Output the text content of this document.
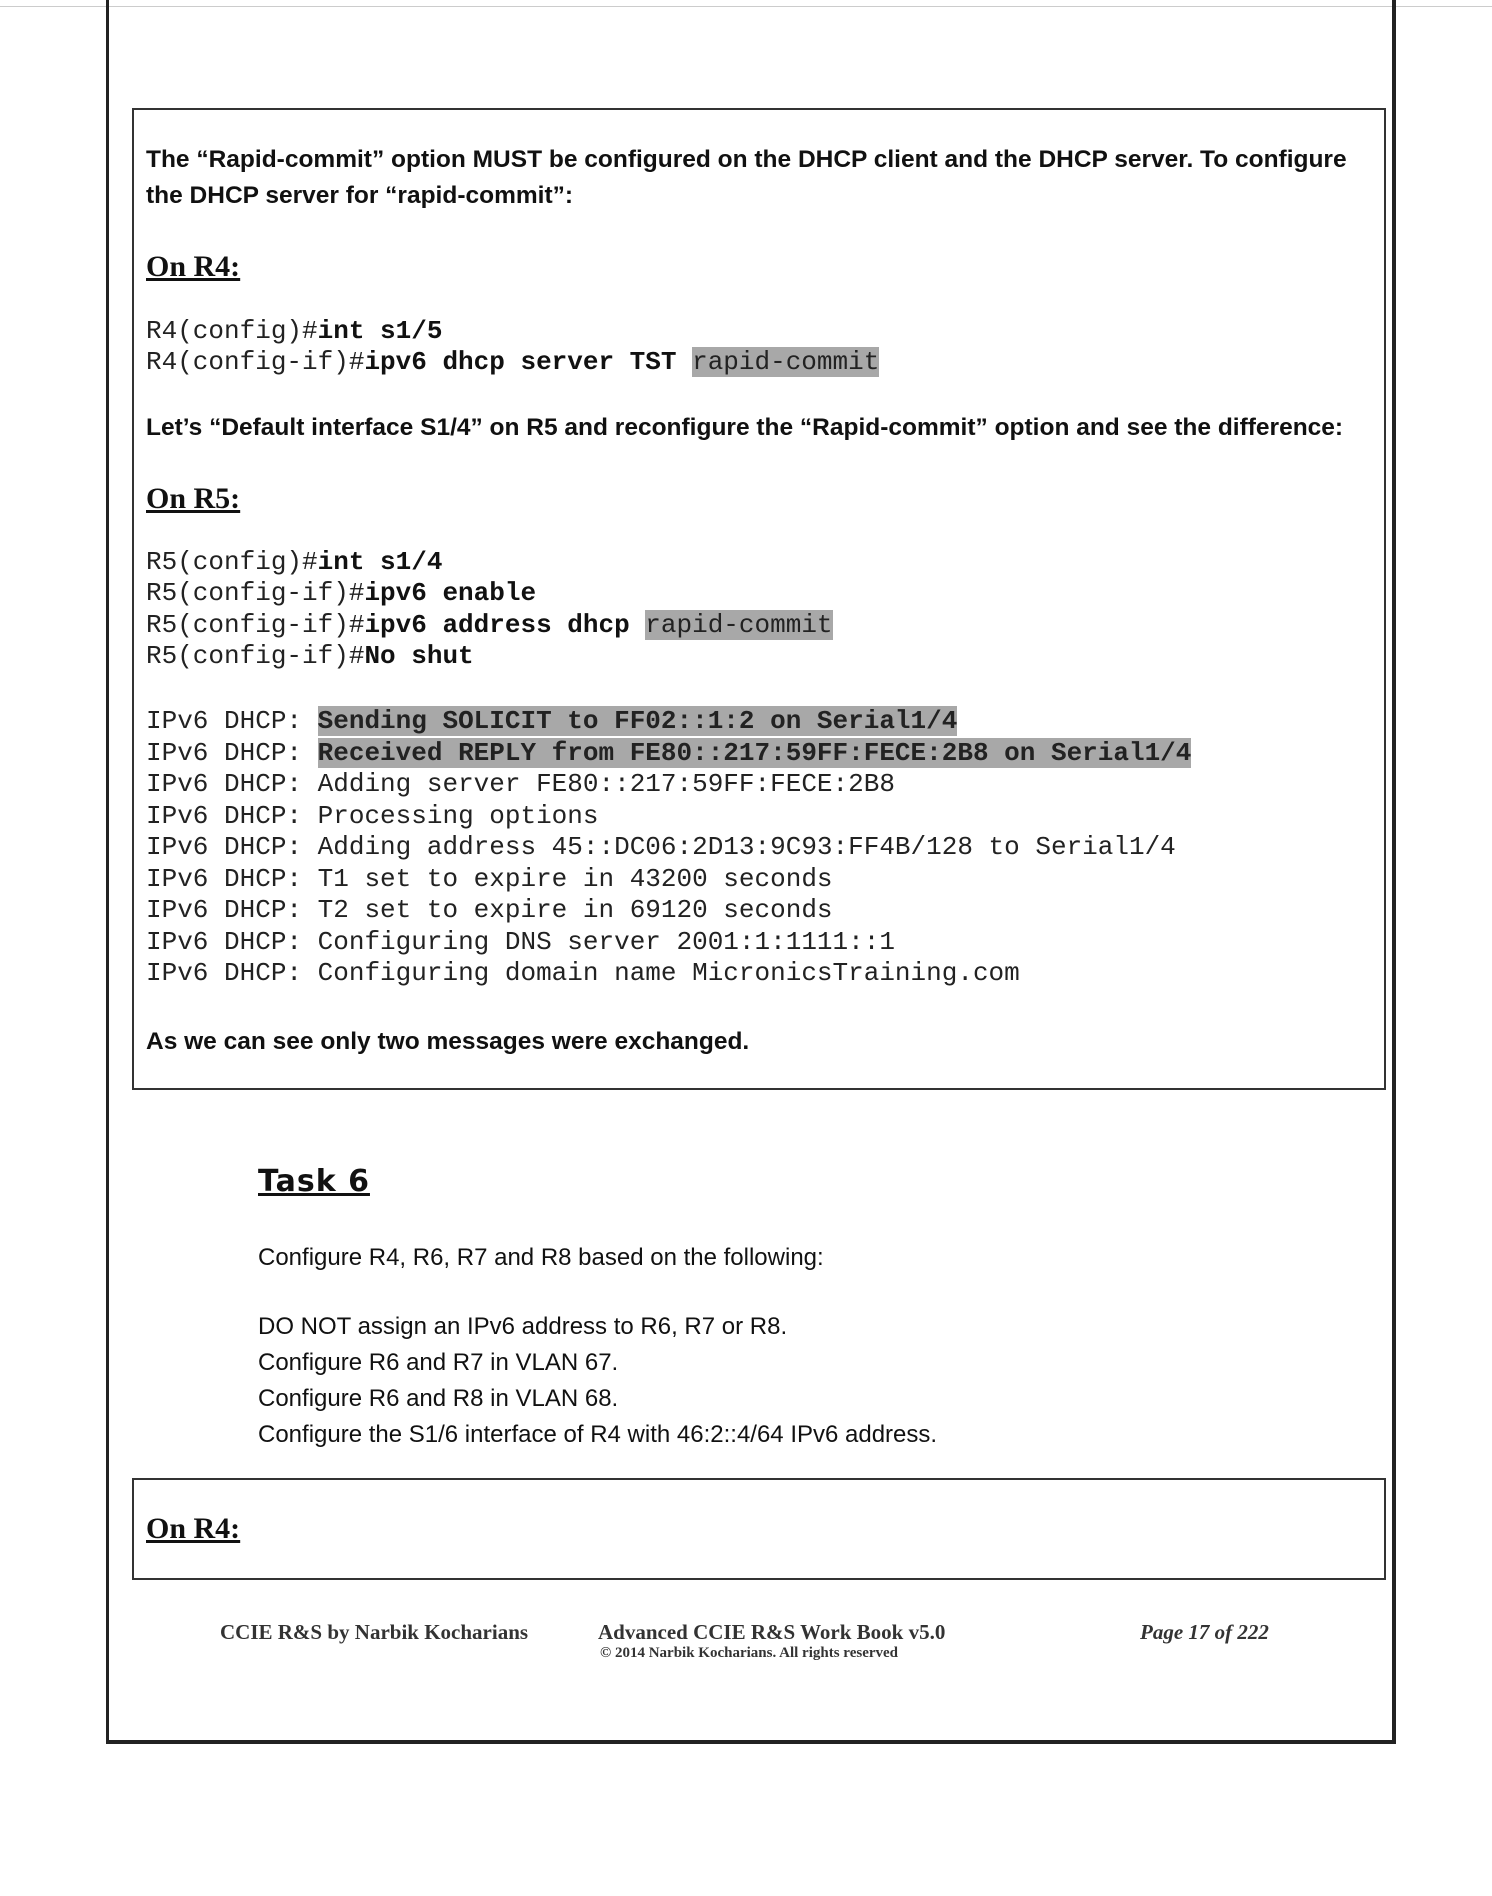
The “Rapid-commit” option MUST be configured on the DHCP client and the DHCP server. To configure the DHCP server for “rapid-commit”:
On R4:
R4(config)#int s1/5
R4(config-if)#ipv6 dhcp server TST rapid-commit
Let’s “Default interface S1/4” on R5 and reconfigure the “Rapid-commit” option and see the difference:
On R5:
R5(config)#int s1/4
R5(config-if)#ipv6 enable
R5(config-if)#ipv6 address dhcp rapid-commit
R5(config-if)#No shut
IPv6 DHCP: Sending SOLICIT to FF02::1:2 on Serial1/4
IPv6 DHCP: Received REPLY from FE80::217:59FF:FECE:2B8 on Serial1/4
IPv6 DHCP: Adding server FE80::217:59FF:FECE:2B8
IPv6 DHCP: Processing options
IPv6 DHCP: Adding address 45::DC06:2D13:9C93:FF4B/128 to Serial1/4
IPv6 DHCP: T1 set to expire in 43200 seconds
IPv6 DHCP: T2 set to expire in 69120 seconds
IPv6 DHCP: Configuring DNS server 2001:1:1111::1
IPv6 DHCP: Configuring domain name MicronicsTraining.com
As we can see only two messages were exchanged.
Task 6
Configure R4, R6, R7 and R8 based on the following:
DO NOT assign an IPv6 address to R6, R7 or R8.
Configure R6 and R7 in VLAN 67.
Configure R6 and R8 in VLAN 68.
Configure the S1/6 interface of R4 with 46:2::4/64 IPv6 address.
On R4:
CCIE R&S by Narbik Kocharians	Advanced CCIE R&S Work Book v5.0
© 2014 Narbik Kocharians. All rights reserved
Page 17 of 222
